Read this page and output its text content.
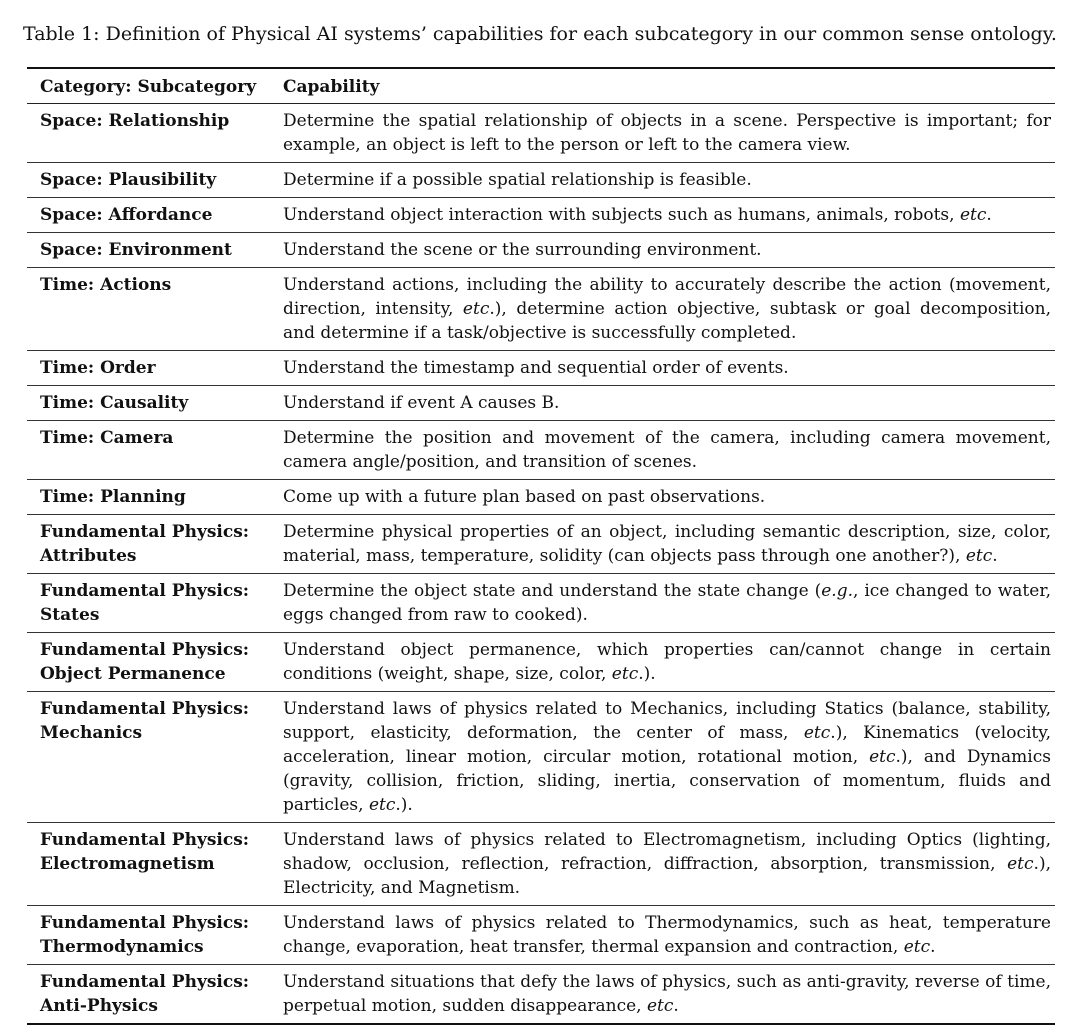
Table 1: Definition of Physical AI systems’ capabilities for each subcategory in our common sense ontology.
Category: Subcategory	Capability
Space: Relationship	Determine the spatial relationship of objects in a scene. Perspective is important; for example, an object is left to the person or left to the camera view.
Space: Plausibility	Determine if a possible spatial relationship is feasible.
Space: Affordance	Understand object interaction with subjects such as humans, animals, robots, etc.
Space: Environment	Understand the scene or the surrounding environment.
Time: Actions	Understand actions, including the ability to accurately describe the action (movement, direction, intensity, etc.), determine action objective, subtask or goal decomposition, and determine if a task/objective is successfully completed.
Time: Order	Understand the timestamp and sequential order of events.
Time: Causality	Understand if event A causes B.
Time: Camera	Determine the position and movement of the camera, including camera movement, camera angle/position, and transition of scenes.
Time: Planning	Come up with a future plan based on past observations.
Fundamental Physics: Attributes	Determine physical properties of an object, including semantic description, size, color, material, mass, temperature, solidity (can objects pass through one another?), etc.
Fundamental Physics: States	Determine the object state and understand the state change (e.g., ice changed to water, eggs changed from raw to cooked).
Fundamental Physics: Object Permanence	Understand object permanence, which properties can/cannot change in certain conditions (weight, shape, size, color, etc.).
Fundamental Physics: Mechanics	Understand laws of physics related to Mechanics, including Statics (balance, stability, support, elasticity, deformation, the center of mass, etc.), Kinematics (velocity, acceleration, linear motion, circular motion, rotational motion, etc.), and Dynamics (gravity, collision, friction, sliding, inertia, conservation of momentum, fluids and particles, etc.).
Fundamental Physics: Electromagnetism	Understand laws of physics related to Electromagnetism, including Optics (lighting, shadow, occlusion, reflection, refraction, diffraction, absorption, transmission, etc.), Electricity, and Magnetism.
Fundamental Physics: Thermodynamics	Understand laws of physics related to Thermodynamics, such as heat, temperature change, evaporation, heat transfer, thermal expansion and contraction, etc.
Fundamental Physics: Anti-Physics	Understand situations that defy the laws of physics, such as anti-gravity, reverse of time, perpetual motion, sudden disappearance, etc.
